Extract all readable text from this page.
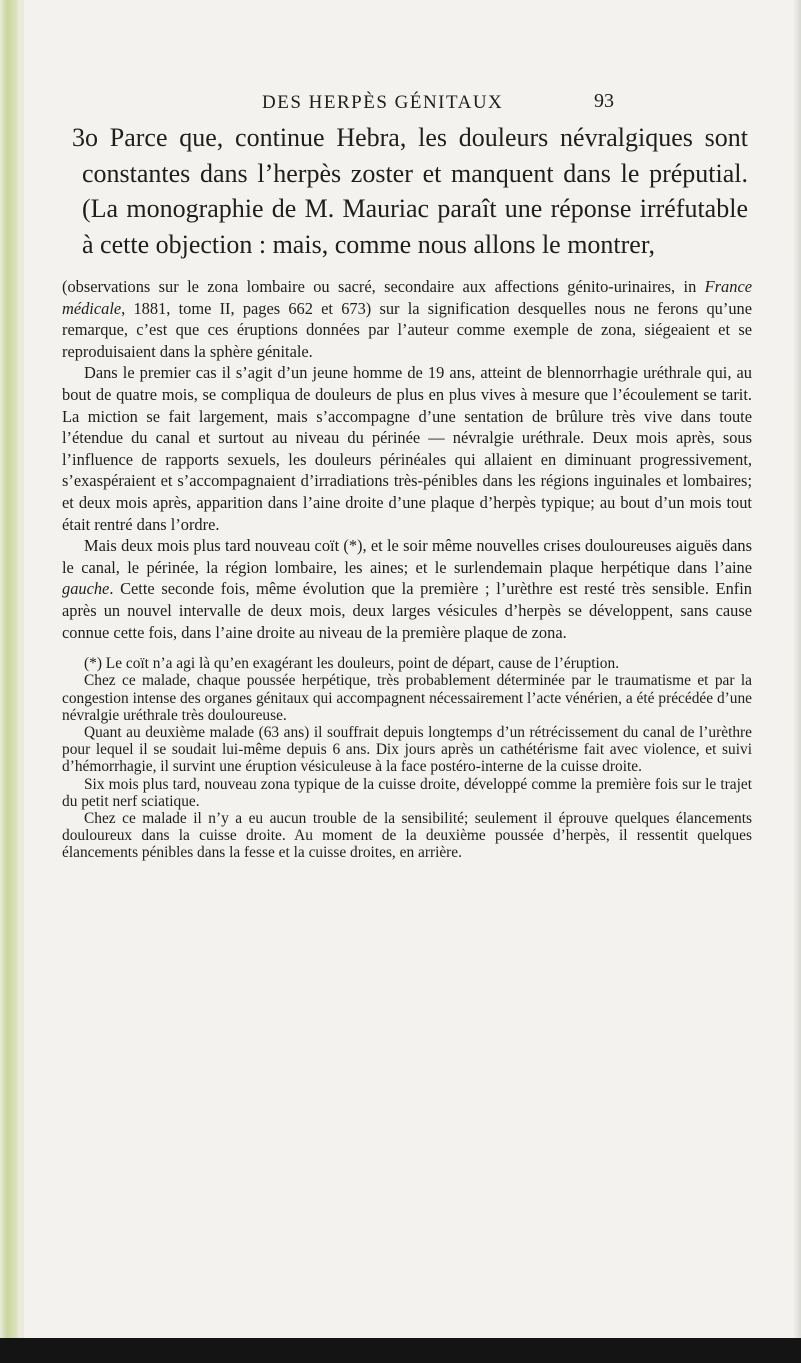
DES HERPÈS GÉNITAUX	93

3o Parce que, continue Hebra, les douleurs névralgiques sont constantes dans l’herpès zoster et manquent dans le préputial. (La monographie de M. Mauriac paraît une réponse irréfutable à cette objection : mais, comme nous allons le montrer,

(observations sur le zona lombaire ou sacré, secondaire aux affections génito-urinaires, in France médicale, 1881, tome II, pages 662 et 673) sur la signification desquelles nous ne ferons qu’une remarque, c’est que ces éruptions données par l’auteur comme exemple de zona, siégeaient et se reproduisaient dans la sphère génitale.

Dans le premier cas il s’agit d’un jeune homme de 19 ans, atteint de blennorrhagie uréthrale qui, au bout de quatre mois, se compliqua de douleurs de plus en plus vives à mesure que l’écoulement se tarit. La miction se fait largement, mais s’accompagne d’une sentation de brûlure très vive dans toute l’étendue du canal et surtout au niveau du périnée — névralgie uréthrale. Deux mois après, sous l’influence de rapports sexuels, les douleurs périnéales qui allaient en diminuant progressivement, s’exaspéraient et s’accompagnaient d’irradiations très-pénibles dans les régions inguinales et lombaires; et deux mois après, apparition dans l’aine droite d’une plaque d’herpès typique; au bout d’un mois tout était rentré dans l’ordre.

Mais deux mois plus tard nouveau coït (*), et le soir même nouvelles crises douloureuses aiguës dans le canal, le périnée, la région lombaire, les aines; et le surlendemain plaque herpétique dans l’aine gauche. Cette seconde fois, même évolution que la première ; l’urèthre est resté très sensible. Enfin après un nouvel intervalle de deux mois, deux larges vésicules d’herpès se développent, sans cause connue cette fois, dans l’aine droite au niveau de la première plaque de zona.

(*) Le coït n’a agi là qu’en exagérant les douleurs, point de départ, cause de l’éruption.

Chez ce malade, chaque poussée herpétique, très probablement déterminée par le traumatisme et par la congestion intense des organes génitaux qui accompagnent nécessairement l’acte vénérien, a été précédée d’une névralgie uréthrale très douloureuse.

Quant au deuxième malade (63 ans) il souffrait depuis longtemps d’un rétrécissement du canal de l’urèthre pour lequel il se soudait lui-même depuis 6 ans. Dix jours après un cathétérisme fait avec violence, et suivi d’hémorrhagie, il survint une éruption vésiculeuse à la face postéro-interne de la cuisse droite.

Six mois plus tard, nouveau zona typique de la cuisse droite, développé comme la première fois sur le trajet du petit nerf sciatique.

Chez ce malade il n’y a eu aucun trouble de la sensibilité; seulement il éprouve quelques élancements douloureux dans la cuisse droite. Au moment de la deuxième poussée d’herpès, il ressentit quelques élancements pénibles dans la fesse et la cuisse droites, en arrière.
